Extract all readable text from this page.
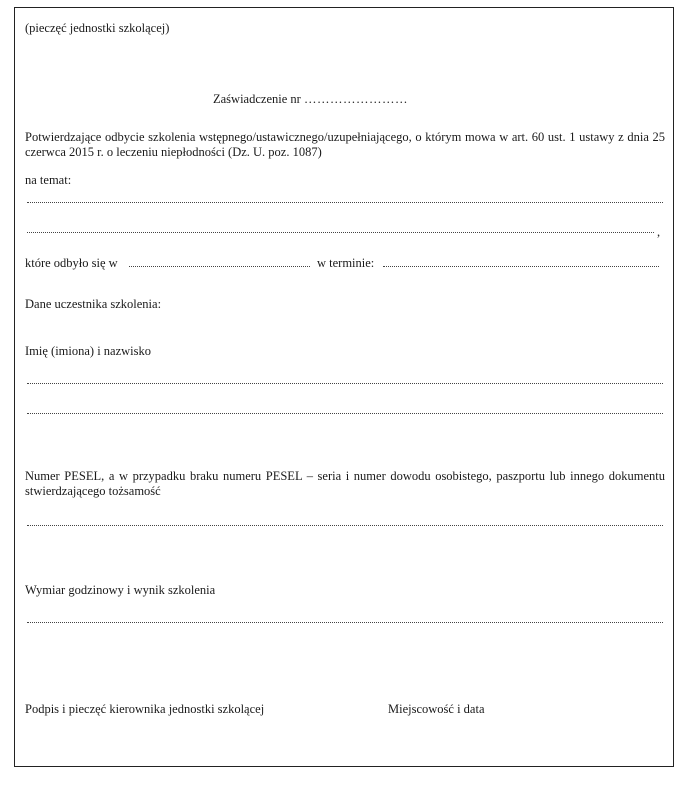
(pieczęć jednostki szkolącej)
Zaświadczenie nr ……………………
Potwierdzające odbycie szkolenia wstępnego/ustawicznego/uzupełniającego, o którym mowa w art. 60 ust. 1 ustawy z dnia 25 czerwca 2015 r. o leczeniu niepłodności (Dz. U. poz. 1087)
na temat:
,
które odbyło się w	w terminie:
Dane uczestnika szkolenia:
Imię (imiona) i nazwisko
Numer PESEL, a w przypadku braku numeru PESEL – seria i numer dowodu osobistego, paszportu lub innego dokumentu stwierdzającego tożsamość
Wymiar godzinowy i wynik szkolenia
Podpis i pieczęć kierownika jednostki szkolącej	Miejscowość i data
